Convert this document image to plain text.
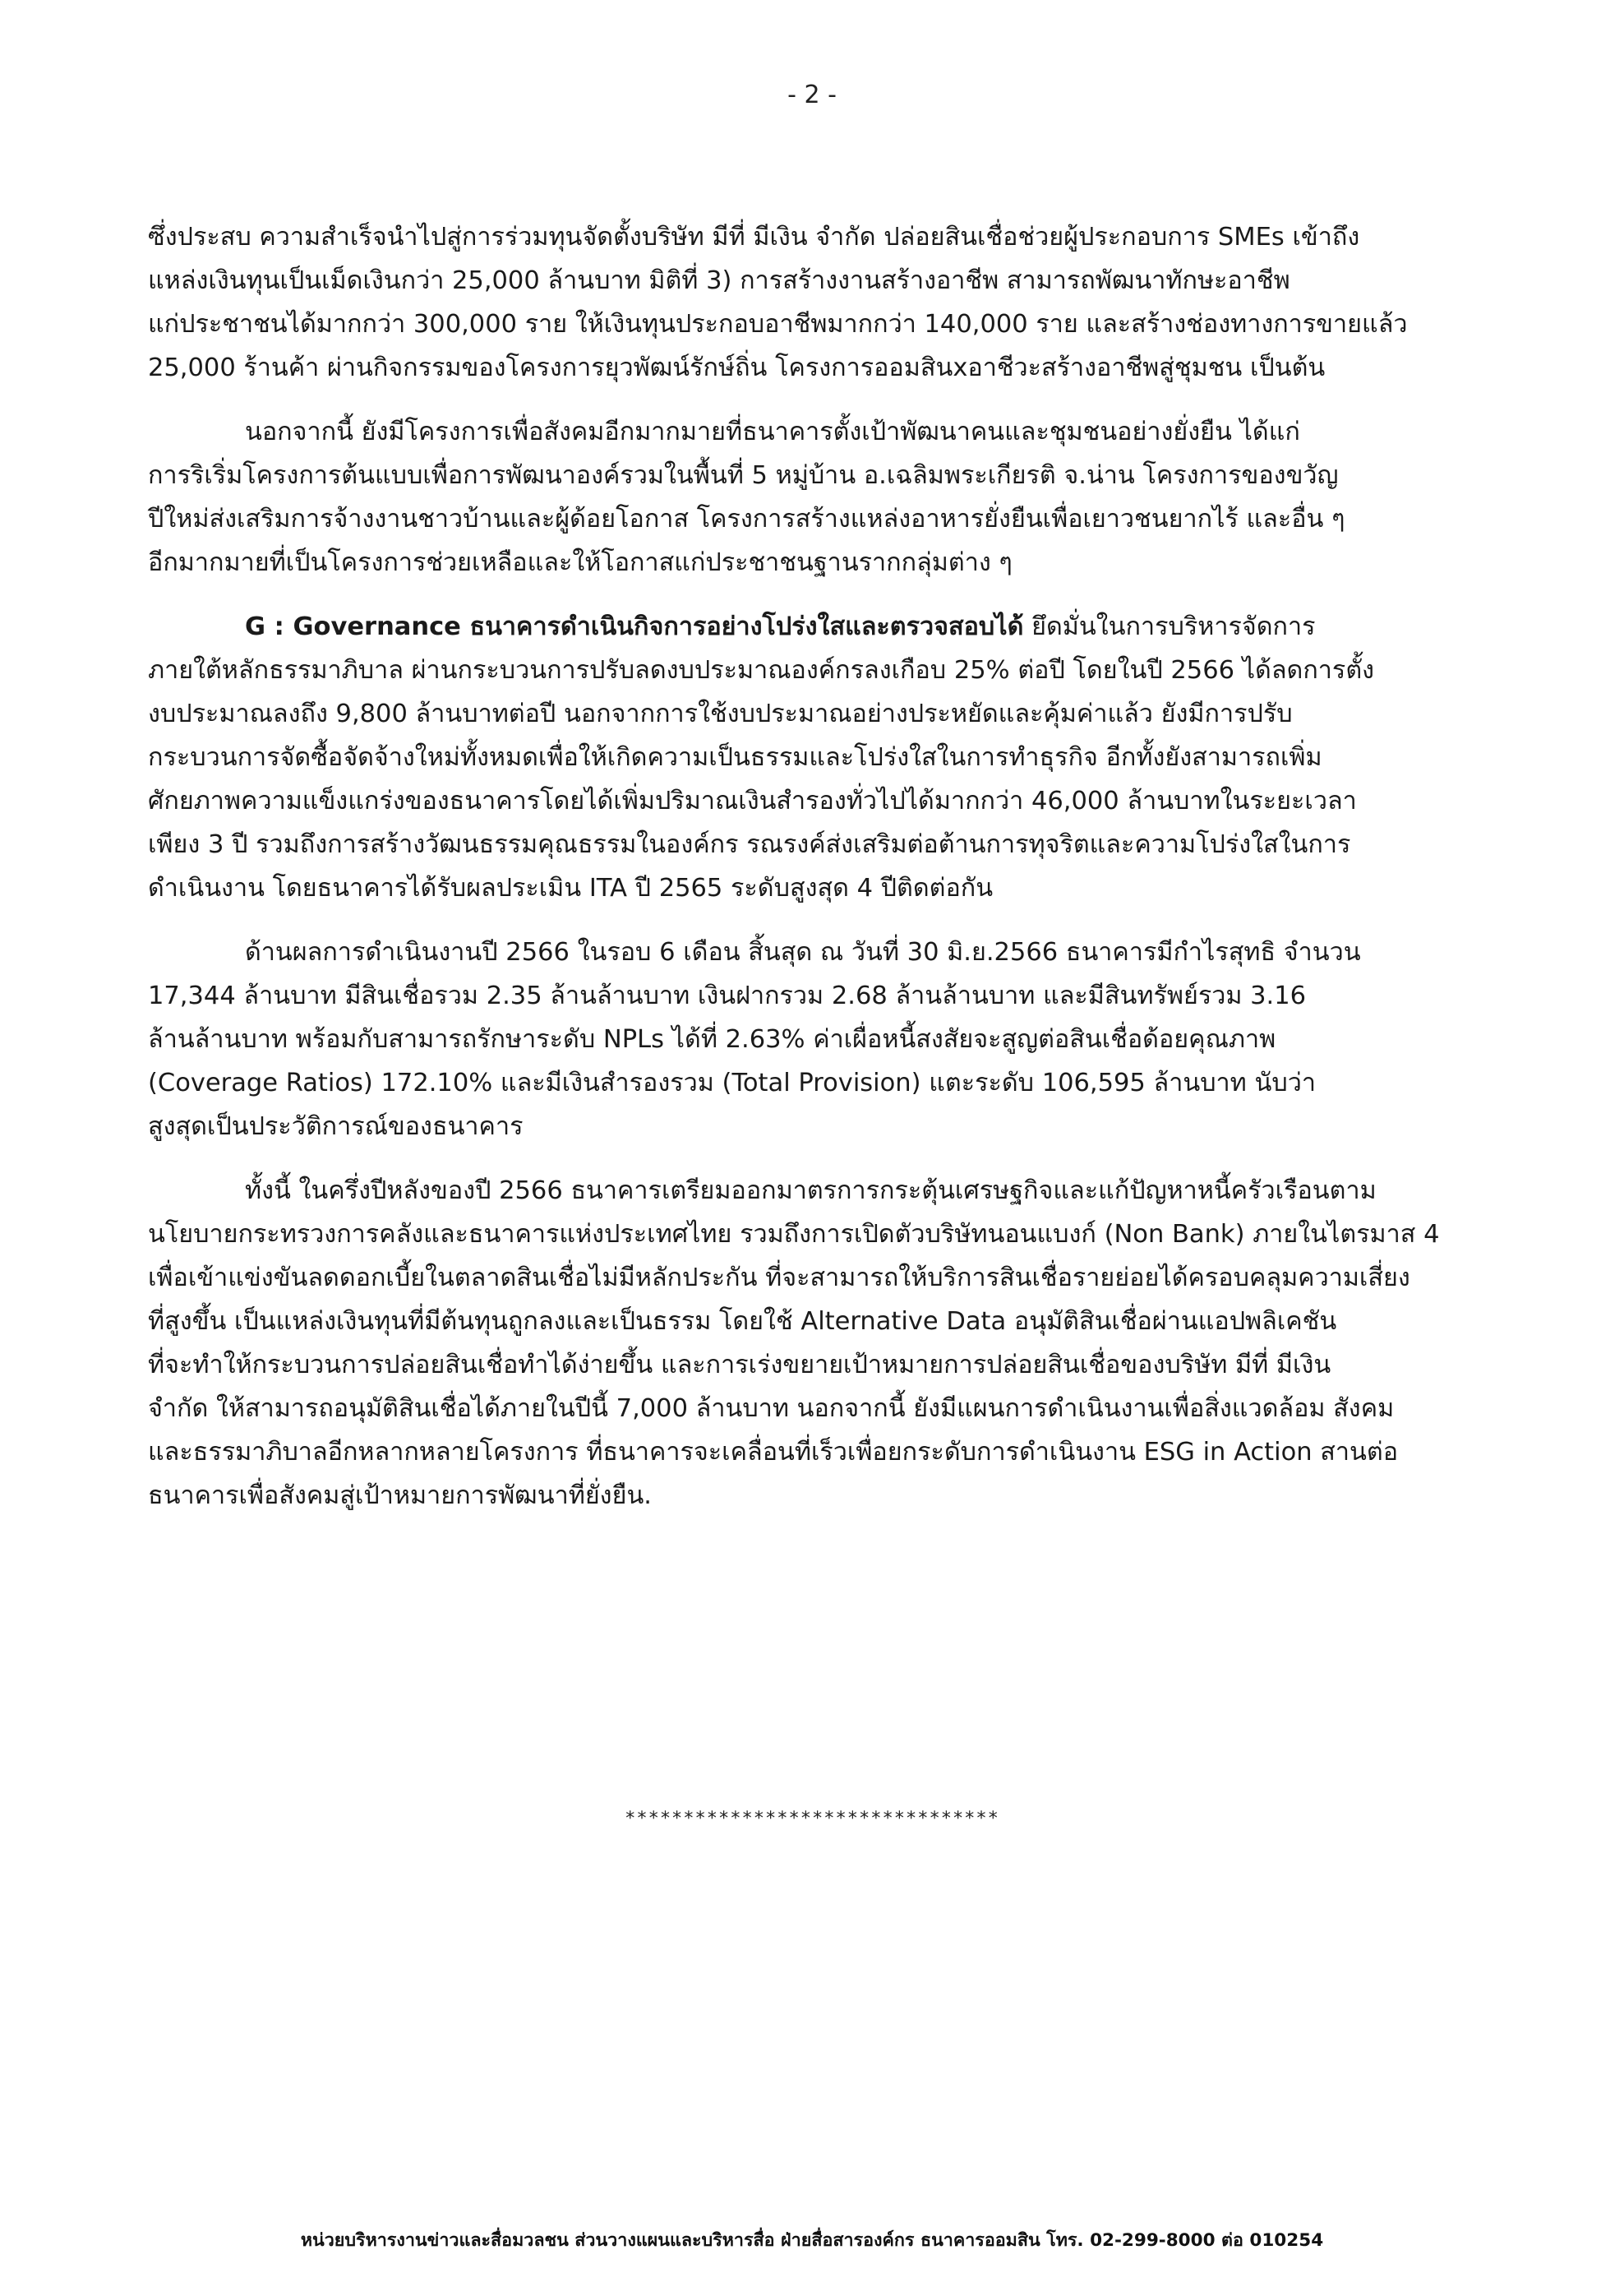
- 2 -

ซึ่งประสบ ความสำเร็จนำไปสู่การร่วมทุนจัดตั้งบริษัท มีที่ มีเงิน จำกัด ปล่อยสินเชื่อช่วยผู้ประกอบการ SMEs เข้าถึง
แหล่งเงินทุนเป็นเม็ดเงินกว่า 25,000 ล้านบาท มิติที่ 3) การสร้างงานสร้างอาชีพ สามารถพัฒนาทักษะอาชีพ
แก่ประชาชนได้มากกว่า 300,000 ราย ให้เงินทุนประกอบอาชีพมากกว่า 140,000 ราย และสร้างช่องทางการขายแล้ว
25,000 ร้านค้า ผ่านกิจกรรมของโครงการยุวพัฒน์รักษ์ถิ่น โครงการออมสินxอาชีวะสร้างอาชีพสู่ชุมชน เป็นต้น

นอกจากนี้ ยังมีโครงการเพื่อสังคมอีกมากมายที่ธนาคารตั้งเป้าพัฒนาคนและชุมชนอย่างยั่งยืน ได้แก่
การริเริ่มโครงการต้นแบบเพื่อการพัฒนาองค์รวมในพื้นที่ 5 หมู่บ้าน อ.เฉลิมพระเกียรติ จ.น่าน โครงการของขวัญ
ปีใหม่ส่งเสริมการจ้างงานชาวบ้านและผู้ด้อยโอกาส โครงการสร้างแหล่งอาหารยั่งยืนเพื่อเยาวชนยากไร้ และอื่น ๆ
อีกมากมายที่เป็นโครงการช่วยเหลือและให้โอกาสแก่ประชาชนฐานรากกลุ่มต่าง ๆ

G : Governance ธนาคารดำเนินกิจการอย่างโปร่งใสและตรวจสอบได้ ยึดมั่นในการบริหารจัดการ
ภายใต้หลักธรรมาภิบาล ผ่านกระบวนการปรับลดงบประมาณองค์กรลงเกือบ 25% ต่อปี โดยในปี 2566 ได้ลดการตั้ง
งบประมาณลงถึง 9,800 ล้านบาทต่อปี นอกจากการใช้งบประมาณอย่างประหยัดและคุ้มค่าแล้ว ยังมีการปรับ
กระบวนการจัดซื้อจัดจ้างใหม่ทั้งหมดเพื่อให้เกิดความเป็นธรรมและโปร่งใสในการทำธุรกิจ อีกทั้งยังสามารถเพิ่ม
ศักยภาพความแข็งแกร่งของธนาคารโดยได้เพิ่มปริมาณเงินสำรองทั่วไปได้มากกว่า 46,000 ล้านบาทในระยะเวลา
เพียง 3 ปี รวมถึงการสร้างวัฒนธรรมคุณธรรมในองค์กร รณรงค์ส่งเสริมต่อต้านการทุจริตและความโปร่งใสในการ
ดำเนินงาน โดยธนาคารได้รับผลประเมิน ITA ปี 2565 ระดับสูงสุด 4 ปีติดต่อกัน

ด้านผลการดำเนินงานปี 2566 ในรอบ 6 เดือน สิ้นสุด ณ วันที่ 30 มิ.ย.2566 ธนาคารมีกำไรสุทธิ จำนวน
17,344 ล้านบาท มีสินเชื่อรวม 2.35 ล้านล้านบาท เงินฝากรวม 2.68 ล้านล้านบาท และมีสินทรัพย์รวม 3.16
ล้านล้านบาท พร้อมกับสามารถรักษาระดับ NPLs ได้ที่ 2.63% ค่าเผื่อหนี้สงสัยจะสูญต่อสินเชื่อด้อยคุณภาพ
(Coverage Ratios) 172.10% และมีเงินสำรองรวม (Total Provision) แตะระดับ 106,595 ล้านบาท นับว่า
สูงสุดเป็นประวัติการณ์ของธนาคาร

ทั้งนี้ ในครึ่งปีหลังของปี 2566 ธนาคารเตรียมออกมาตรการกระตุ้นเศรษฐกิจและแก้ปัญหาหนี้ครัวเรือนตาม
นโยบายกระทรวงการคลังและธนาคารแห่งประเทศไทย รวมถึงการเปิดตัวบริษัทนอนแบงก์ (Non Bank) ภายในไตรมาส 4
เพื่อเข้าแข่งขันลดดอกเบี้ยในตลาดสินเชื่อไม่มีหลักประกัน ที่จะสามารถให้บริการสินเชื่อรายย่อยได้ครอบคลุมความเสี่ยง
ที่สูงขึ้น เป็นแหล่งเงินทุนที่มีต้นทุนถูกลงและเป็นธรรม โดยใช้ Alternative Data อนุมัติสินเชื่อผ่านแอปพลิเคชัน
ที่จะทำให้กระบวนการปล่อยสินเชื่อทำได้ง่ายขึ้น และการเร่งขยายเป้าหมายการปล่อยสินเชื่อของบริษัท มีที่ มีเงิน
จำกัด ให้สามารถอนุมัติสินเชื่อได้ภายในปีนี้ 7,000 ล้านบาท นอกจากนี้ ยังมีแผนการดำเนินงานเพื่อสิ่งแวดล้อม สังคม
และธรรมาภิบาลอีกหลากหลายโครงการ ที่ธนาคารจะเคลื่อนที่เร็วเพื่อยกระดับการดำเนินงาน ESG in Action สานต่อ
ธนาคารเพื่อสังคมสู่เป้าหมายการพัฒนาที่ยั่งยืน.

********************************
หน่วยบริหารงานข่าวและสื่อมวลชน ส่วนวางแผนและบริหารสื่อ ฝ่ายสื่อสารองค์กร ธนาคารออมสิน โทร. 02-299-8000 ต่อ 010254
